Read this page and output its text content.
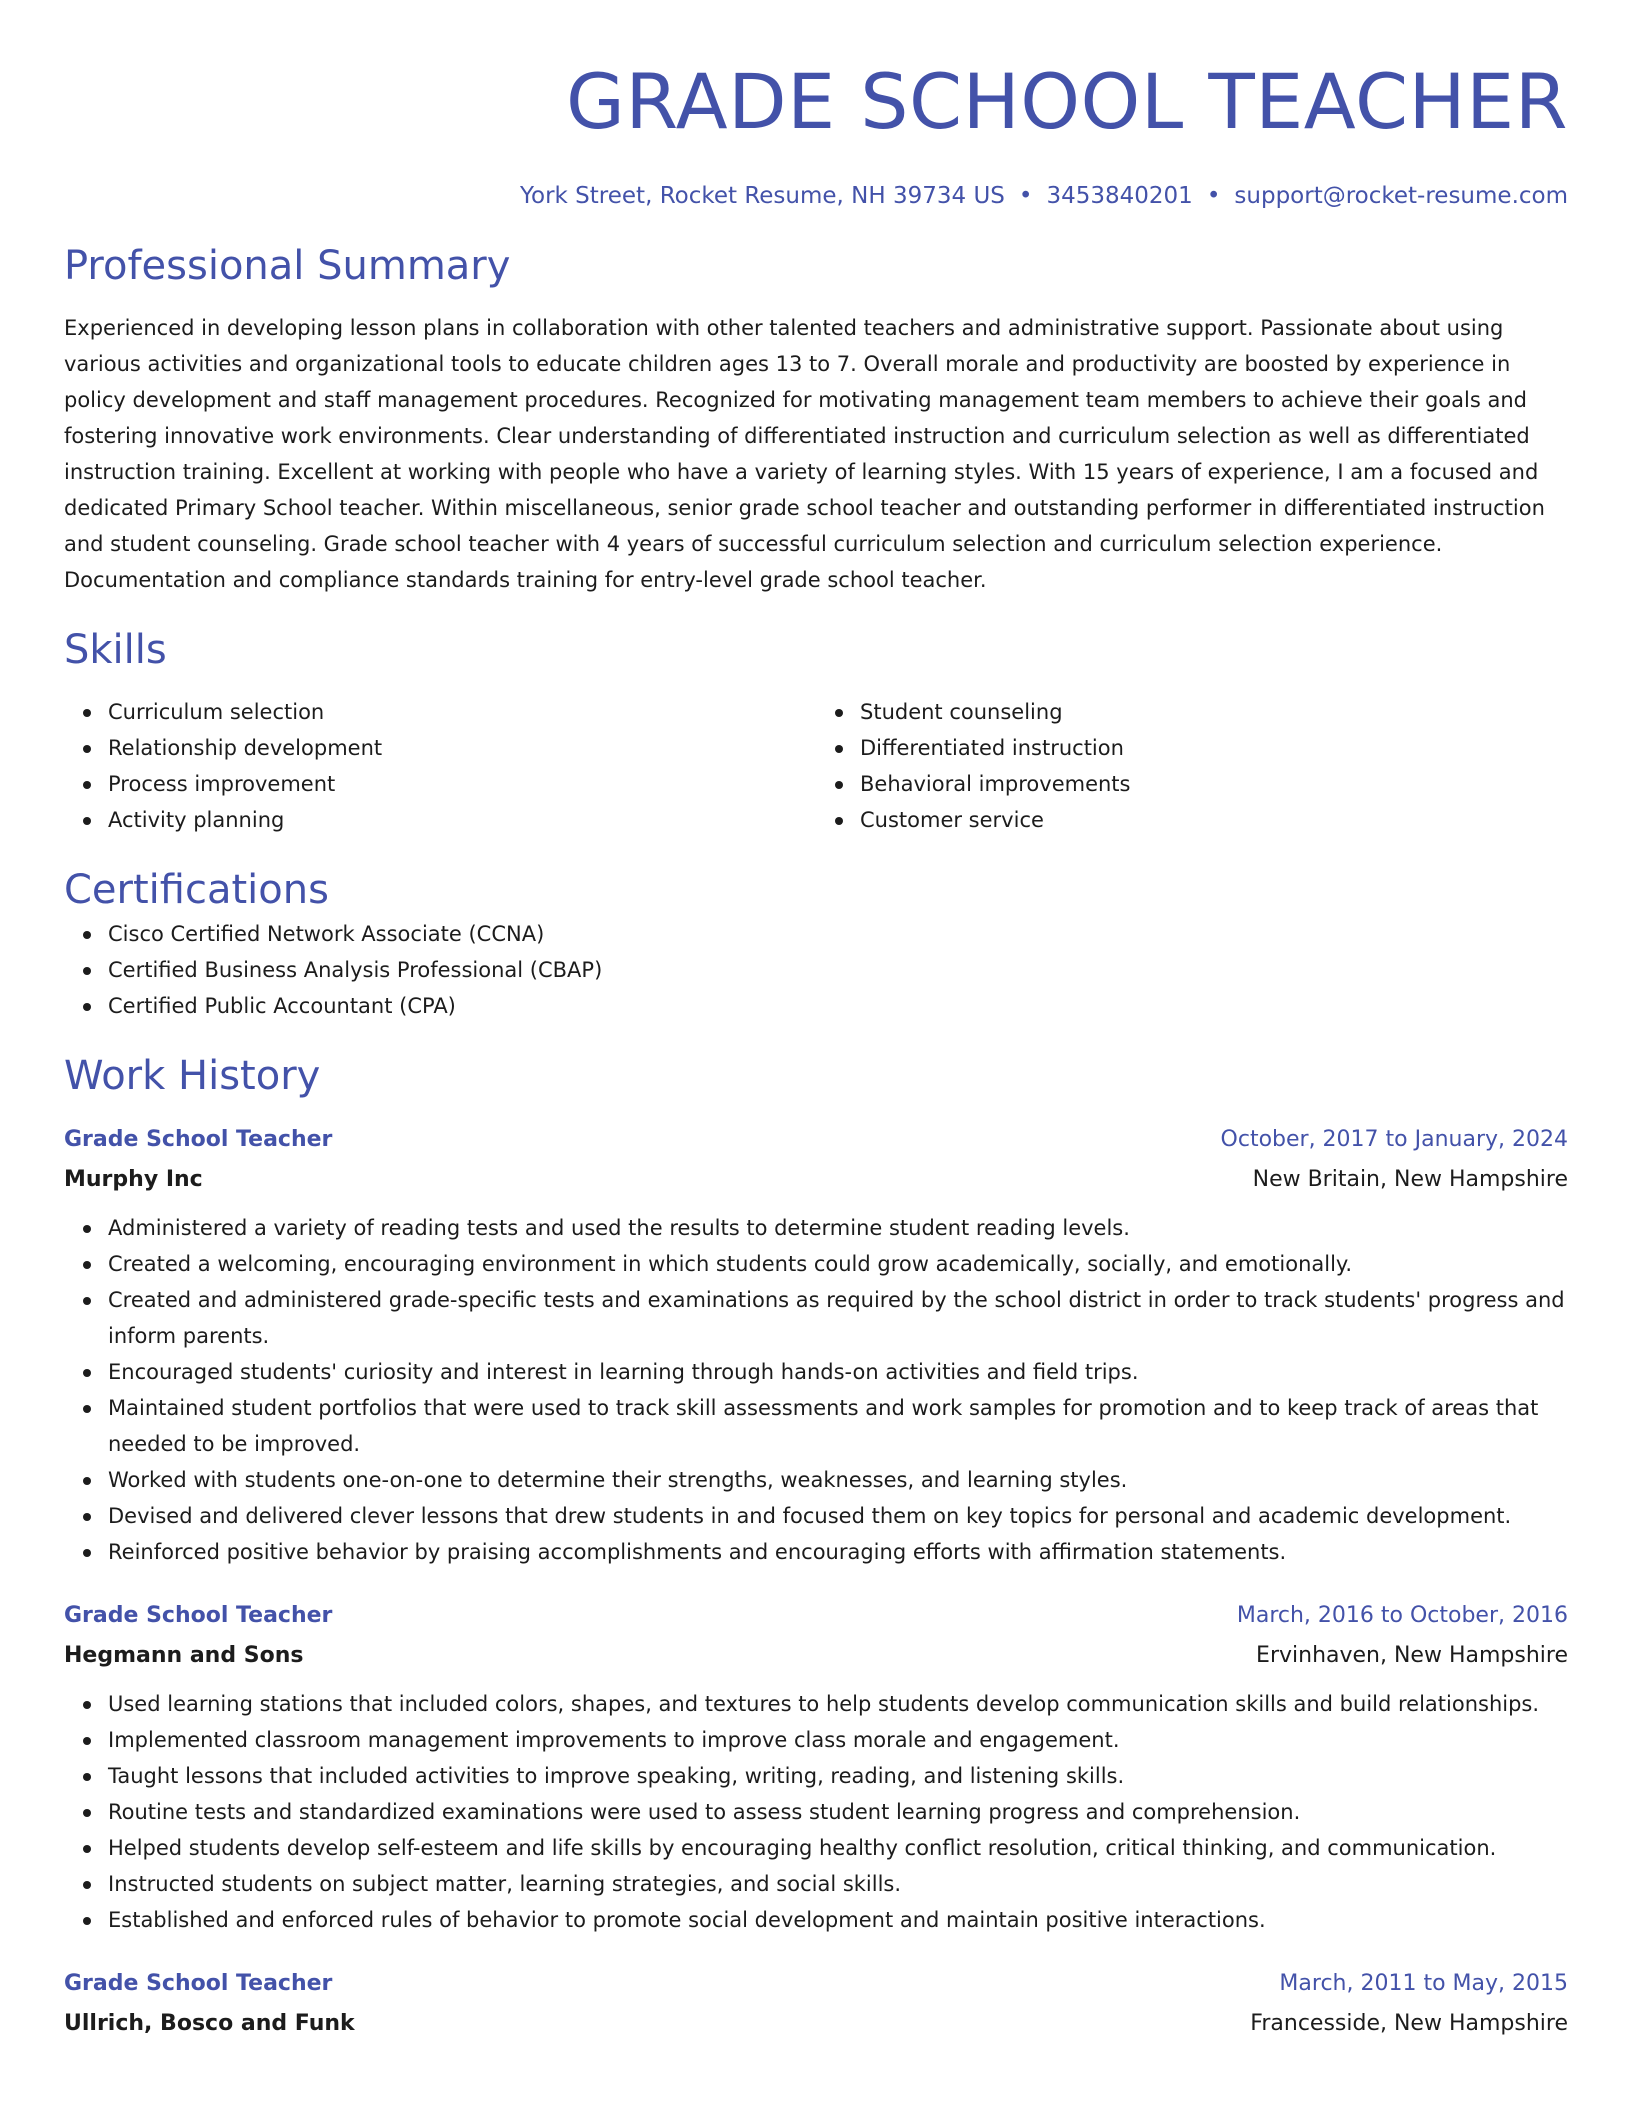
GRADE SCHOOL TEACHER
York Street, Rocket Resume, NH 39734 US • 3453840201 • support@rocket-resume.com
Professional Summary

Experienced in developing lesson plans in collaboration with other talented teachers and administrative support. Passionate about using various activities and organizational tools to educate children ages 13 to 7. Overall morale and productivity are boosted by experience in policy development and staff management procedures. Recognized for motivating management team members to achieve their goals and fostering innovative work environments. Clear understanding of differentiated instruction and curriculum selection as well as differentiated instruction training. Excellent at working with people who have a variety of learning styles. With 15 years of experience, I am a focused and dedicated Primary School teacher. Within miscellaneous, senior grade school teacher and outstanding performer in differentiated instruction and student counseling. Grade school teacher with 4 years of successful curriculum selection and curriculum selection experience. Documentation and compliance standards training for entry-level grade school teacher.

Skills
Curriculum selection
Relationship development
Process improvement
Activity planning
Student counseling
Differentiated instruction
Behavioral improvements
Customer service
Certifications
Cisco Certified Network Associate (CCNA)
Certified Business Analysis Professional (CBAP)
Certified Public Accountant (CPA)
Work History
Grade School Teacher	October, 2017 to January, 2024
Murphy Inc	New Britain, New Hampshire
Administered a variety of reading tests and used the results to determine student reading levels.
Created a welcoming, encouraging environment in which students could grow academically, socially, and emotionally.
Created and administered grade-specific tests and examinations as required by the school district in order to track students' progress and inform parents.
Encouraged students' curiosity and interest in learning through hands-on activities and field trips.
Maintained student portfolios that were used to track skill assessments and work samples for promotion and to keep track of areas that needed to be improved.
Worked with students one-on-one to determine their strengths, weaknesses, and learning styles.
Devised and delivered clever lessons that drew students in and focused them on key topics for personal and academic development.
Reinforced positive behavior by praising accomplishments and encouraging efforts with affirmation statements.
Grade School Teacher	March, 2016 to October, 2016
Hegmann and Sons	Ervinhaven, New Hampshire
Used learning stations that included colors, shapes, and textures to help students develop communication skills and build relationships.
Implemented classroom management improvements to improve class morale and engagement.
Taught lessons that included activities to improve speaking, writing, reading, and listening skills.
Routine tests and standardized examinations were used to assess student learning progress and comprehension.
Helped students develop self-esteem and life skills by encouraging healthy conflict resolution, critical thinking, and communication.
Instructed students on subject matter, learning strategies, and social skills.
Established and enforced rules of behavior to promote social development and maintain positive interactions.
Grade School Teacher	March, 2011 to May, 2015
Ullrich, Bosco and Funk	Francesside, New Hampshire
